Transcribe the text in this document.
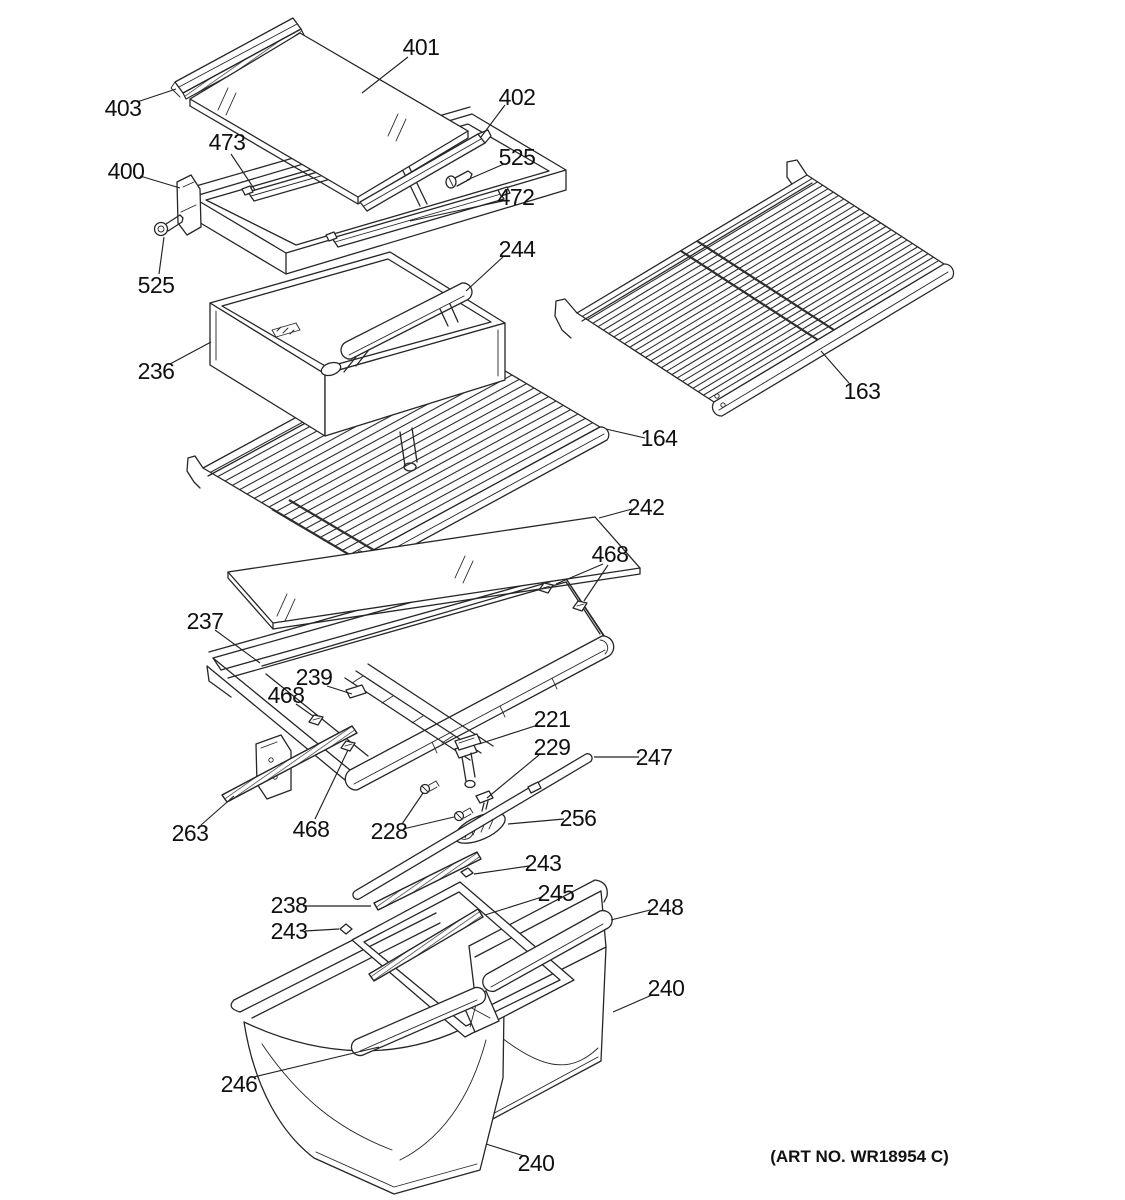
401
403	402
473
525
400
472
244
525
236
163
164
242
468
237
239
468
221
229	247
263	468 228	256
243
238	245
248
243
240
246
240	(ART NO. WR18954 C)
